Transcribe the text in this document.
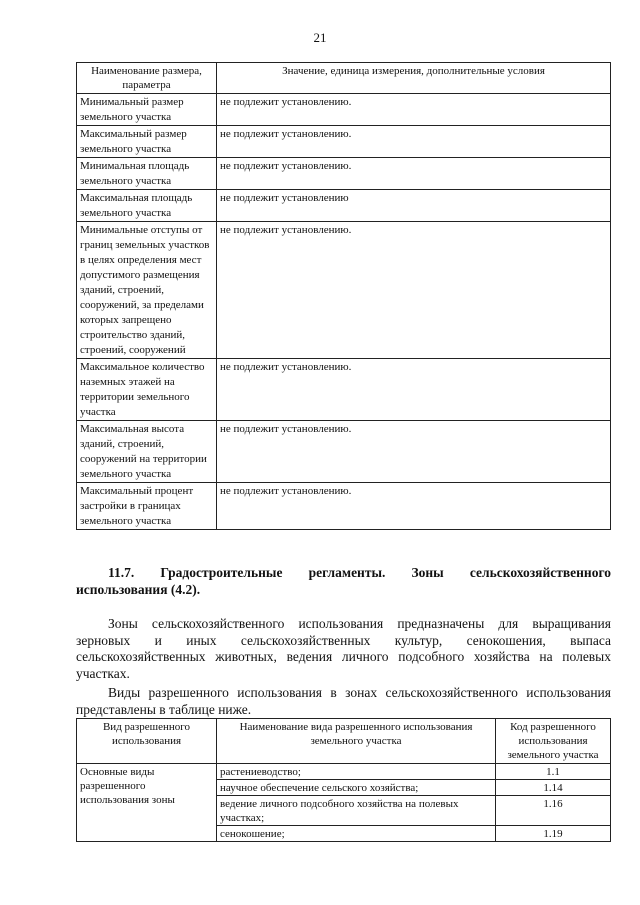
21
Наименование размера, параметра	Значение, единица измерения, дополнительные условия
Минимальный размер земельного участка	не подлежит установлению.
Максимальный размер земельного участка	не подлежит установлению.
Минимальная площадь земельного участка	не подлежит установлению.
Максимальная площадь земельного участка	не подлежит установлению
Минимальные отступы от границ земельных участков в целях определения мест допустимого размещения зданий, строений, сооружений, за пределами которых запрещено строительство зданий, строений, сооружений	не подлежит установлению.
Максимальное количество наземных этажей на территории земельного участка	не подлежит установлению.
Максимальная высота зданий, строений, сооружений на территории земельного участка	не подлежит установлению.
Максимальный процент застройки в границах земельного участка	не подлежит установлению.
11.7. Градостроительные регламенты. Зоны сельскохозяйственного использования (4.2).
Зоны сельскохозяйственного использования предназначены для выращивания зерновых и иных сельскохозяйственных культур, сенокошения, выпаса сельскохозяйственных животных, ведения личного подсобного хозяйства на полевых участках.
Виды разрешенного использования в зонах сельскохозяйственного использования представлены в таблице ниже.
Вид разрешенного использования	Наименование вида разрешенного использования земельного участка	Код разрешенного использования земельного участка
Основные виды разрешенного использования зоны	растениеводство;	1.1
	научное обеспечение сельского хозяйства;	1.14
	ведение личного подсобного хозяйства на полевых участках;	1.16
	сенокошение;	1.19
